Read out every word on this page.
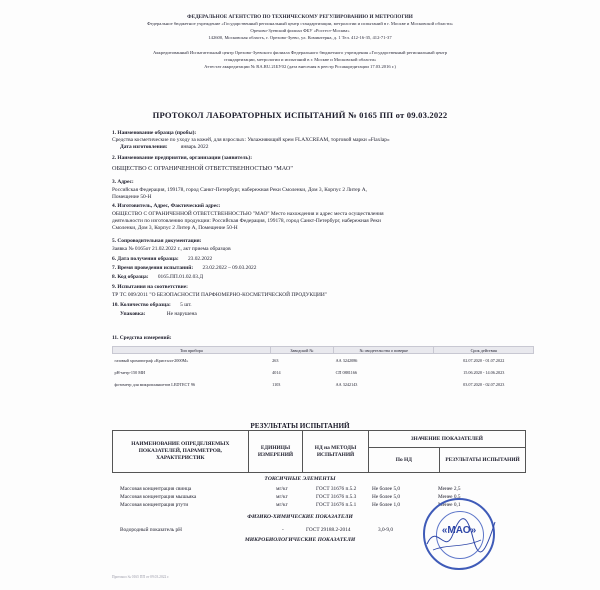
ФЕДЕРАЛЬНОЕ АГЕНТСТВО ПО ТЕХНИЧЕСКОМУ РЕГУЛИРОВАНИЮ И МЕТРОЛОГИИ
Федеральное бюджетное учреждение «Государственный региональный центр стандартизации, метрологии и испытаний в г. Москве и Московской области»
Орехово-Зуевский филиал ФБУ «Ростест-Москва»
142600, Московская область, г. Орехово-Зуево, ул. Коминтерна, д. 1 Тел. 412-16-35, 412-71-37
Аккредитованный Испытательный центр Орехово-Зуевского филиала Федерального бюджетного учреждения «Государственный региональный центр
стандартизации, метрологии и испытаний в г. Москве и Московской области»
Аттестат аккредитации № RA.RU.21БУ02 (дата внесения в реестр Росаккредитации 17.03.2016 г.)
ПРОТОКОЛ ЛАБОРАТОРНЫХ ИСПЫТАНИЙ № 0165 ПП от 09.03.2022
1. Наименование образца (пробы):
Средства косметические по уходу за кожей, для взрослых: Увлажняющий крем FLAXCREAM, торговой марки «Flaxlaр»
Дата изготовления: январь 2022
2. Наименование предприятия, организации (заявитель):
ОБЩЕСТВО С ОГРАНИЧЕННОЙ ОТВЕТСТВЕННОСТЬЮ "МАО"
3. Адрес:
Российская Федерация, 199178, город Санкт-Петербург, набережная Реки Смоленки, Дом 3, Корпус 2 Литер А,
Помещение 50-Н
4. Изготовитель, Адрес, Фактический адрес:
ОБЩЕСТВО С ОГРАНИЧЕННОЙ ОТВЕТСТВЕННОСТЬЮ "МАО" Место нахождения и адрес места осуществления
деятельности по изготовлению продукции: Российская Федерация, 199178, город Санкт-Петербург, набережная Реки
Смоленки, Дом 3, Корпус 2 Литер А, Помещение 50-Н
5. Сопроводительная документация:
Заявка № 0165от 21.02.2022 г., акт приема образцов
6. Дата получения образца: 23.02.2022
7. Время проведения испытаний: 23.02.2022 – 09.03.2022
8. Код образца: 0165.ПП.01.02.03.Д
9. Испытания на соответствие:
ТР ТС 009/2011 "О БЕЗОПАСНОСТИ ПАРФЮМЕРНО-КОСМЕТИЧЕСКОЙ ПРОДУКЦИИ"
10. Количество образца: 5 шт.
Упаковка:	Не нарушена
11. Средства измерений:
Тип прибора	Заводской №	№ свидетельства о поверке	Срок действия
газовый хроматограф «Кристалл-2000М»	263	АА 3242086	02.07.2020 - 01.07.2022
рН-метр-150 МИ	4014	СП 0881166	15.06.2020 - 14.06.2023
фотометр для микропланшетов LEDTECT 96	1103	АА 3242143	03.07.2020 - 02.07.2023
РЕЗУЛЬТАТЫ ИСПЫТАНИЙ
НАИМЕНОВАНИЕ ОПРЕДЕЛЯЕМЫХ ПОКАЗАТЕЛЕЙ, ПАРАМЕТРОВ, ХАРАКТЕРИСТИК	ЕДИНИЦЫ ИЗМЕРЕНИЙ	НД на МЕТОДЫ ИСПЫТАНИЙ	ЗНАЧЕНИЕ ПОКАЗАТЕЛЕЙ	
			По НД	РЕЗУЛЬТАТЫ ИСПЫТАНИЙ
ТОКСИЧНЫЕ ЭЛЕМЕНТЫ
Массовая концентрация свинца	мг/кг	ГОСТ 31676 п.5.2	Не более 5,0	Менее 2,5
Массовая концентрация мышьяка	мг/кг	ГОСТ 31676 п.5.3	Не более 5,0	Менее 0,5
Массовая концентрация ртути	мг/кг	ГОСТ 31676 п.5.1	Не более 1,0	Менее 0,1
ФИЗИКО-ХИМИЧЕСКИЕ ПОКАЗАТЕЛИ
Водородный показатель pH	-	ГОСТ 29188.2-2014	3,0-9,0
МИКРОБИОЛОГИЧЕСКИЕ ПОКАЗАТЕЛИ
«МАО»
Протокол № 0165 ПП от 09.03.2022 г.
